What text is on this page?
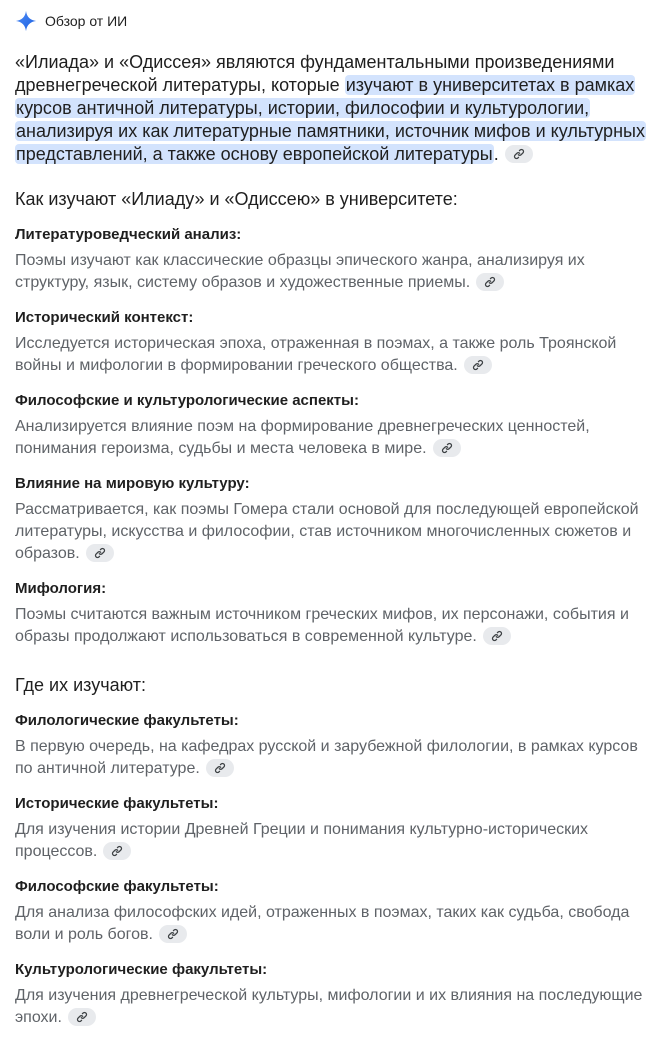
Обзор от ИИ
«Илиада» и «Одиссея» являются фундаментальными произведениями древнегреческой литературы, которые изучают в университетах в рамках курсов античной литературы, истории, философии и культурологии, анализируя их как литературные памятники, источник мифов и культурных представлений, а также основу европейской литературы.
Как изучают «Илиаду» и «Одиссею» в университете:
Литературоведческий анализ:
Поэмы изучают как классические образцы эпического жанра, анализируя их структуру, язык, систему образов и художественные приемы.
Исторический контекст:
Исследуется историческая эпоха, отраженная в поэмах, а также роль Троянской войны и мифологии в формировании греческого общества.
Философские и культурологические аспекты:
Анализируется влияние поэм на формирование древнегреческих ценностей, понимания героизма, судьбы и места человека в мире.
Влияние на мировую культуру:
Рассматривается, как поэмы Гомера стали основой для последующей европейской литературы, искусства и философии, став источником многочисленных сюжетов и образов.
Мифология:
Поэмы считаются важным источником греческих мифов, их персонажи, события и образы продолжают использоваться в современной культуре.
Где их изучают:
Филологические факультеты:
В первую очередь, на кафедрах русской и зарубежной филологии, в рамках курсов по античной литературе.
Исторические факультеты:
Для изучения истории Древней Греции и понимания культурно-исторических процессов.
Философские факультеты:
Для анализа философских идей, отраженных в поэмах, таких как судьба, свобода воли и роль богов.
Культурологические факультеты:
Для изучения древнегреческой культуры, мифологии и их влияния на последующие эпохи.
